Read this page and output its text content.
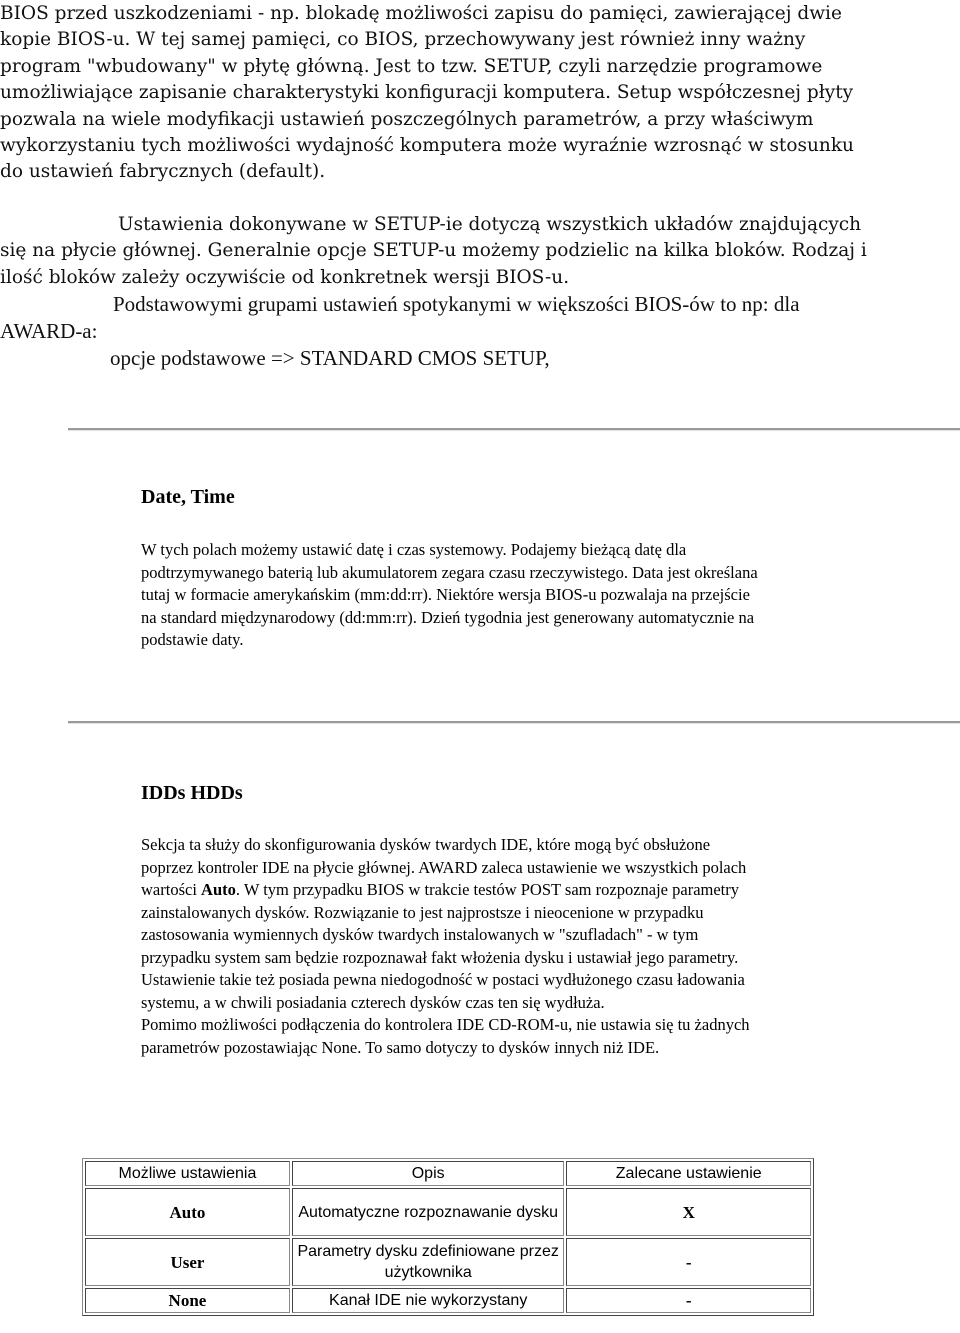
BIOS przed uszkodzeniami - np. blokadę możliwości zapisu do pamięci, zawierającej dwie kopie BIOS-u. W tej samej pamięci, co BIOS, przechowywany jest również inny ważny program "wbudowany" w płytę główną. Jest to tzw. SETUP, czyli narzędzie programowe umożliwiające zapisanie charakterystyki konfiguracji komputera. Setup współczesnej płyty pozwala na wiele modyfikacji ustawień poszczególnych parametrów, a przy właściwym wykorzystaniu tych możliwości wydajność komputera może wyraźnie wzrosnąć w stosunku do ustawień fabrycznych (default).

Ustawienia dokonywane w SETUP-ie dotyczą wszystkich układów znajdujących się na płycie głównej. Generalnie opcje SETUP-u możemy podzielic na kilka bloków. Rodzaj i ilość bloków zależy oczywiście od konkretnek wersji BIOS-u.

Podstawowymi grupami ustawień spotykanymi w większości BIOS-ów to np: dla AWARD-a:

opcje podstawowe => STANDARD CMOS SETUP,

Date, Time

W tych polach możemy ustawić datę i czas systemowy. Podajemy bieżącą datę dla podtrzymywanego baterią lub akumulatorem zegara czasu rzeczywistego. Data jest określana tutaj w formacie amerykańskim (mm:dd:rr). Niektóre wersja BIOS-u pozwalaja na przejście na standard międzynarodowy (dd:mm:rr). Dzień tygodnia jest generowany automatycznie na podstawie daty.

IDDs HDDs

Sekcja ta służy do skonfigurowania dysków twardych IDE, które mogą być obsłużone poprzez kontroler IDE na płycie głównej. AWARD zaleca ustawienie we wszystkich polach wartości Auto. W tym przypadku BIOS w trakcie testów POST sam rozpoznaje parametry zainstalowanych dysków. Rozwiązanie to jest najprostsze i nieocenione w przypadku zastosowania wymiennych dysków twardych instalowanych w "szufladach" - w tym przypadku system sam będzie rozpoznawał fakt włożenia dysku i ustawiał jego parametry. Ustawienie takie też posiada pewna niedogodność w postaci wydłużonego czasu ładowania systemu, a w chwili posiadania czterech dysków czas ten się wydłuża.

Pomimo możliwości podłączenia do kontrolera IDE CD-ROM-u, nie ustawia się tu żadnych parametrów pozostawiając None. To samo dotyczy to dysków innych niż IDE.

Możliwe ustawienia	Opis	Zalecane ustawienie
Auto	Automatyczne rozpoznawanie dysku	X
User	Parametry dysku zdefiniowane przez użytkownika	-
None	Kanał IDE nie wykorzystany	-
